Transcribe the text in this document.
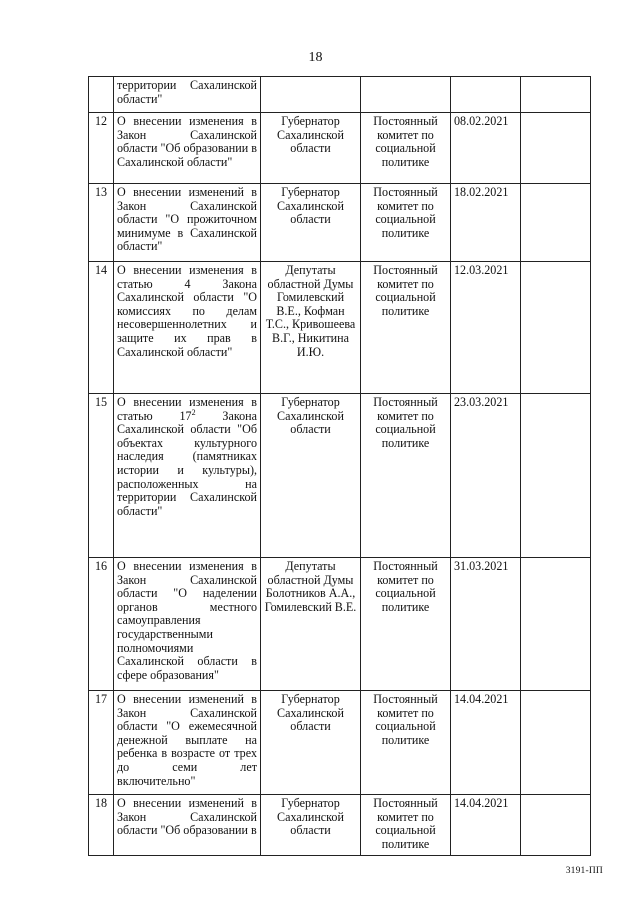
18
	территории Сахалинской области"				
12	О внесении изменения в Закон Сахалинской области "Об образовании в Сахалинской области"	Губернатор Сахалинской области	Постоянный комитет по социальной политике	08.02.2021	
13	О внесении изменений в Закон Сахалинской области "О прожиточном минимуме в Сахалинской области"	Губернатор Сахалинской области	Постоянный комитет по социальной политике	18.02.2021	
14	О внесении изменения в статью 4 Закона Сахалинской области "О комиссиях по делам несовершеннолетних и защите их прав в Сахалинской области"	Депутаты областной Думы Гомилевский В.Е., Кофман Т.С., Кривошеева В.Г., Никитина И.Ю.	Постоянный комитет по социальной политике	12.03.2021	
15	О внесении изменения в статью $17^2$ Закона Сахалинской области "Об объектах культурного наследия (памятниках истории и культуры), расположенных на территории Сахалинской области"	Губернатор Сахалинской области	Постоянный комитет по социальной политике	23.03.2021	
16	О внесении изменения в Закон Сахалинской области "О наделении органов местного самоуправления государственными полномочиями Сахалинской области в сфере образования"	Депутаты областной Думы Болотников А.А., Гомилевский В.Е.	Постоянный комитет по социальной политике	31.03.2021	
17	О внесении изменений в Закон Сахалинской области "О ежемесячной денежной выплате на ребенка в возрасте от трех до семи лет включительно"	Губернатор Сахалинской области	Постоянный комитет по социальной политике	14.04.2021	
18	О внесении изменений в Закон Сахалинской области "Об образовании в	Губернатор Сахалинской области	Постоянный комитет по социальной политике	14.04.2021	
3191-ПП
